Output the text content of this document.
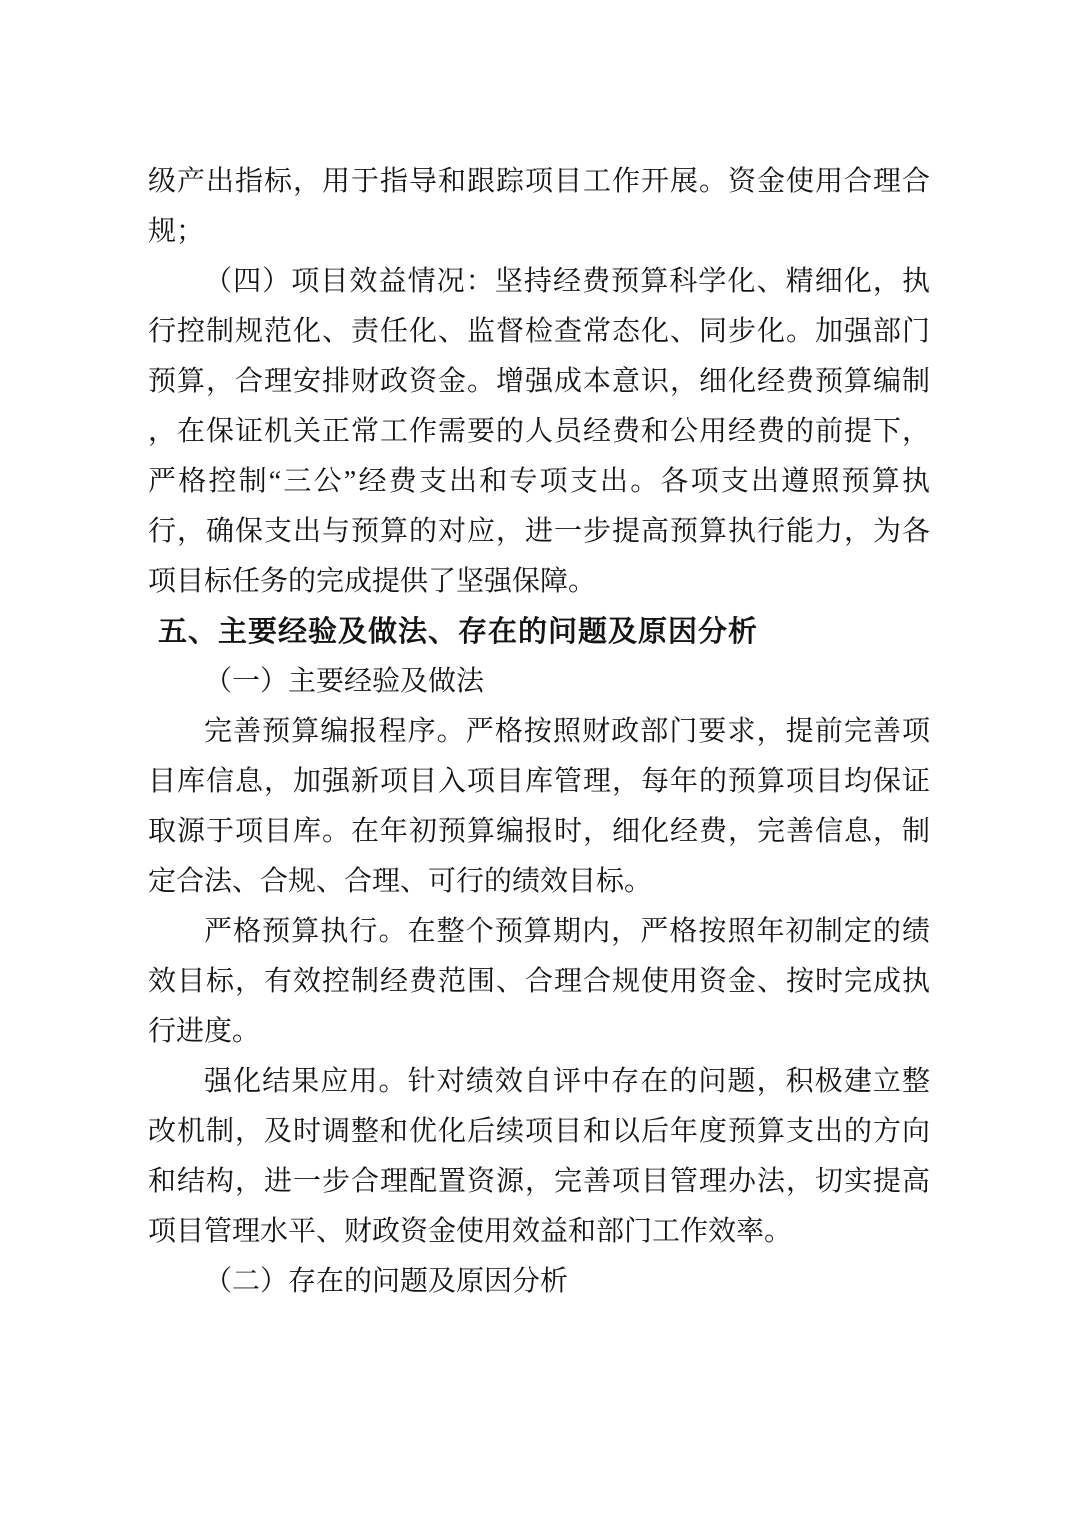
级产出指标，用于指导和跟踪项目工作开展。资金使用合理合
规；
（四）项目效益情况：坚持经费预算科学化、精细化，执
行控制规范化、责任化、监督检查常态化、同步化。加强部门
预算，合理安排财政资金。增强成本意识，细化经费预算编制
，在保证机关正常工作需要的人员经费和公用经费的前提下，
严格控制“三公”经费支出和专项支出。各项支出遵照预算执
行，确保支出与预算的对应，进一步提高预算执行能力，为各
项目标任务的完成提供了坚强保障。
五、主要经验及做法、存在的问题及原因分析
（一）主要经验及做法
完善预算编报程序。严格按照财政部门要求，提前完善项
目库信息，加强新项目入项目库管理，每年的预算项目均保证
取源于项目库。在年初预算编报时，细化经费，完善信息，制
定合法、合规、合理、可行的绩效目标。
严格预算执行。在整个预算期内，严格按照年初制定的绩
效目标，有效控制经费范围、合理合规使用资金、按时完成执
行进度。
强化结果应用。针对绩效自评中存在的问题，积极建立整
改机制，及时调整和优化后续项目和以后年度预算支出的方向
和结构，进一步合理配置资源，完善项目管理办法，切实提高
项目管理水平、财政资金使用效益和部门工作效率。
（二）存在的问题及原因分析
